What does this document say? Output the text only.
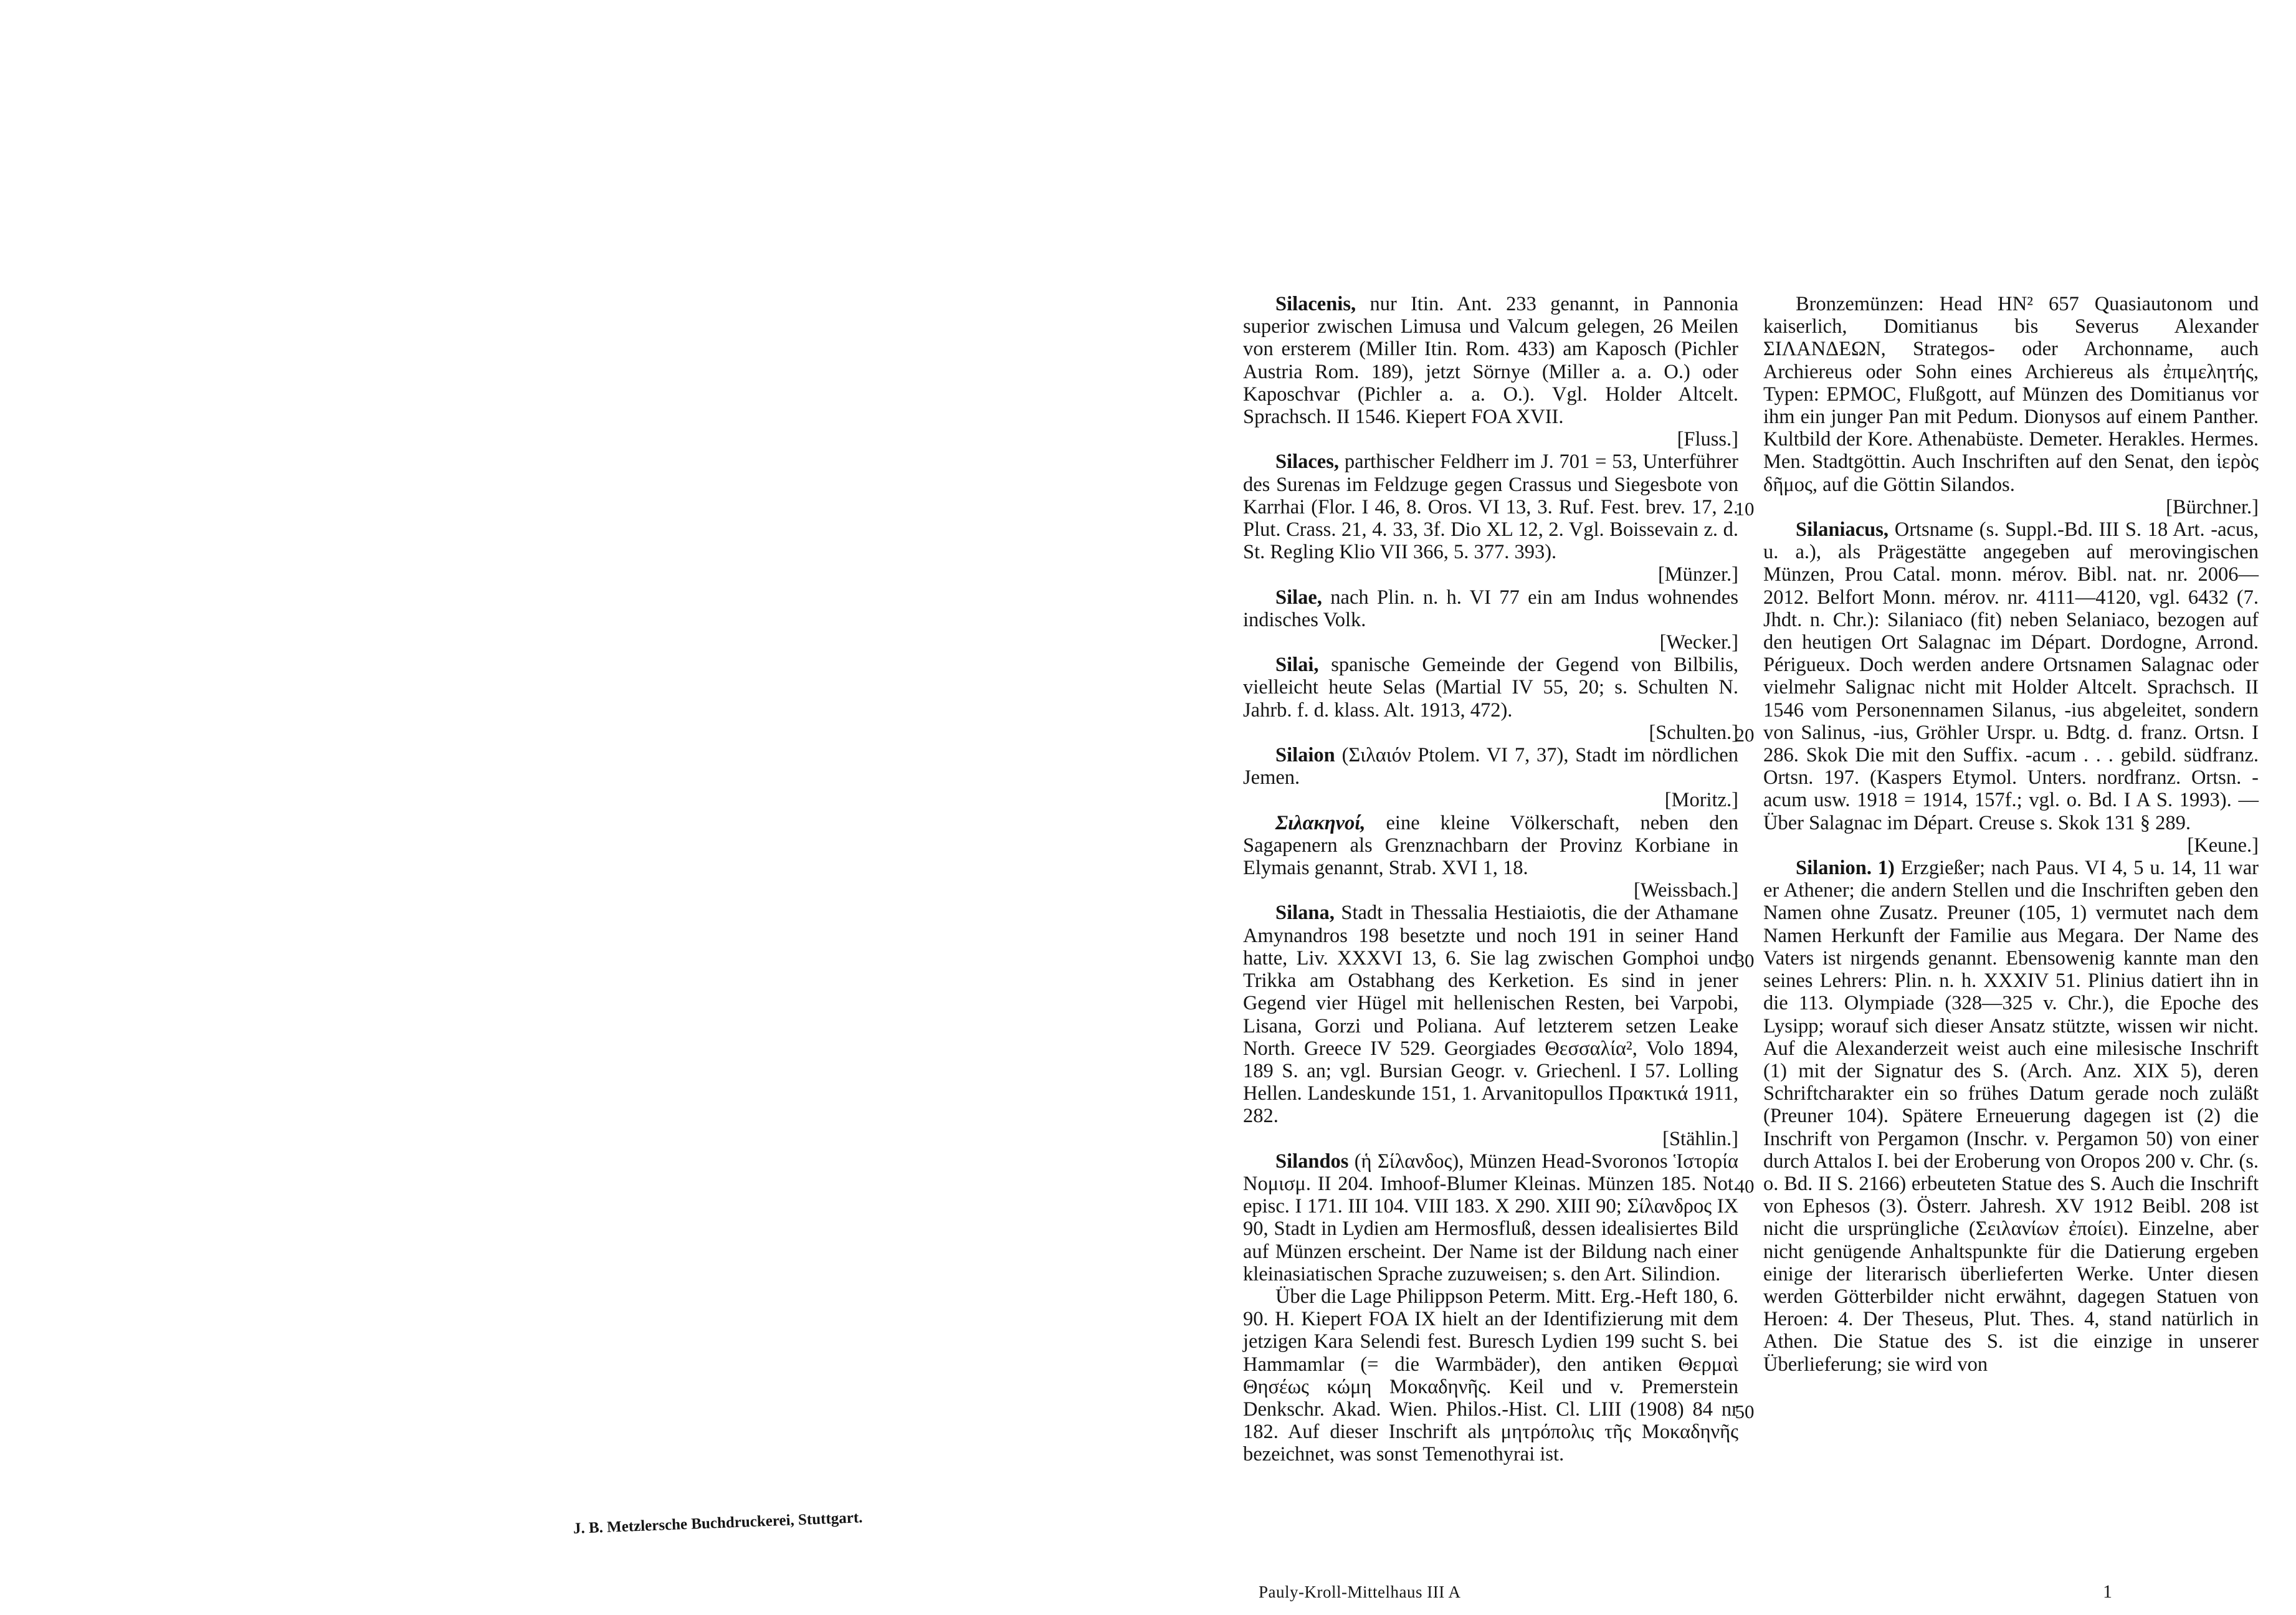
J. B. Metzlersche Buchdruckerei, Stuttgart.

Silacenis, nur Itin. Ant. 233 genannt, in Pannonia superior zwischen Limusa und Valcum gelegen, 26 Meilen von ersterem (Miller Itin. Rom. 433) am Kaposch (Pichler Austria Rom. 189), jetzt Sörnye (Miller a. a. O.) oder Kaposchvar (Pichler a. a. O.). Vgl. Holder Altcelt. Sprachsch. II 1546. Kiepert FOA XVII.
[Fluss.]

Silaces, parthischer Feldherr im J. 701 = 53, Unterführer des Surenas im Feldzuge gegen Crassus und Siegesbote von Karrhai (Flor. I 46, 8. Oros. VI 13, 3. Ruf. Fest. brev. 17, 2. Plut. Crass. 21, 4. 33, 3f. Dio XL 12, 2. Vgl. Boissevain z. d. St. Regling Klio VII 366, 5. 377. 393).
[Münzer.]

Silae, nach Plin. n. h. VI 77 ein am Indus wohnendes indisches Volk.
[Wecker.]

Silai, spanische Gemeinde der Gegend von Bilbilis, vielleicht heute Selas (Martial IV 55, 20; s. Schulten N. Jahrb. f. d. klass. Alt. 1913, 472).
[Schulten.]

Silaion (Σιλαιόν Ptolem. VI 7, 37), Stadt im nördlichen Jemen.
[Moritz.]

Σιλακηνοί, eine kleine Völkerschaft, neben den Sagapenern als Grenznachbarn der Provinz Korbiane in Elymais genannt, Strab. XVI 1, 18.
[Weissbach.]

Silana, Stadt in Thessalia Hestiaiotis, die der Athamane Amynandros 198 besetzte und noch 191 in seiner Hand hatte, Liv. XXXVI 13, 6. Sie lag zwischen Gomphoi und Trikka am Ostabhang des Kerketion. Es sind in jener Gegend vier Hügel mit hellenischen Resten, bei Varpobi, Lisana, Gorzi und Poliana. Auf letzterem setzen Leake North. Greece IV 529. Georgiades Θεσσαλία², Volo 1894, 189 S. an; vgl. Bursian Geogr. v. Griechenl. I 57. Lolling Hellen. Landeskunde 151, 1. Arvanitopullos Πρακτικά 1911, 282.
[Stählin.]

Silandos (ἡ Σίλανδος), Münzen Head-Svoronos Ἱστορία Νομισμ. II 204. Imhoof-Blumer Kleinas. Münzen 185. Not. episc. I 171. III 104. VIII 183. X 290. XIII 90; Σίλανδρος IX 90, Stadt in Lydien am Hermosfluß, dessen idealisiertes Bild auf Münzen erscheint. Der Name ist der Bildung nach einer kleinasiatischen Sprache zuzuweisen; s. den Art. Silindion.

Über die Lage Philippson Peterm. Mitt. Erg.-Heft 180, 6. 90. H. Kiepert FOA IX hielt an der Identifizierung mit dem jetzigen Kara Selendi fest. Buresch Lydien 199 sucht S. bei Hammamlar (= die Warmbäder), den antiken Θερμαὶ Θησέως κώμη Μοκαδηνῆς. Keil und v. Premerstein Denkschr. Akad. Wien. Philos.-Hist. Cl. LIII (1908) 84 nr 182. Auf dieser Inschrift als μητρόπολις τῆς Μοκαδηνῆς bezeichnet, was sonst Temenothyrai ist.

10
20
30
40
50

Bronzemünzen: Head HN² 657 Quasiautonom und kaiserlich, Domitianus bis Severus Alexander ΣΙΛΑΝΔΕΩΝ, Strategos- oder Archonname, auch Archiereus oder Sohn eines Archiereus als ἐπιμελητής, Typen: ΕΡΜΟC, Flußgott, auf Münzen des Domitianus vor ihm ein junger Pan mit Pedum. Dionysos auf einem Panther. Kultbild der Kore. Athenabüste. Demeter. Herakles. Hermes. Men. Stadtgöttin. Auch Inschriften auf den Senat, den ἱερὸς δῆμος, auf die Göttin Silandos.
[Bürchner.]

Silaniacus, Ortsname (s. Suppl.-Bd. III S. 18 Art. -acus, u. a.), als Prägestätte angegeben auf merovingischen Münzen, Prou Catal. monn. mérov. Bibl. nat. nr. 2006—2012. Belfort Monn. mérov. nr. 4111—4120, vgl. 6432 (7. Jhdt. n. Chr.): Silaniaco (fit) neben Selaniaco, bezogen auf den heutigen Ort Salagnac im Départ. Dordogne, Arrond. Périgueux. Doch werden andere Ortsnamen Salagnac oder vielmehr Salignac nicht mit Holder Altcelt. Sprachsch. II 1546 vom Personennamen Silanus, -ius abgeleitet, sondern von Salinus, -ius, Gröhler Urspr. u. Bdtg. d. franz. Ortsn. I 286. Skok Die mit den Suffix. -acum . . . gebild. südfranz. Ortsn. 197. (Kaspers Etymol. Unters. nordfranz. Ortsn. -acum usw. 1918 = 1914, 157f.; vgl. o. Bd. I A S. 1993). — Über Salagnac im Départ. Creuse s. Skok 131 § 289.
[Keune.]

Silanion. 1) Erzgießer; nach Paus. VI 4, 5 u. 14, 11 war er Athener; die andern Stellen und die Inschriften geben den Namen ohne Zusatz. Preuner (105, 1) vermutet nach dem Namen Herkunft der Familie aus Megara. Der Name des Vaters ist nirgends genannt. Ebensowenig kannte man den seines Lehrers: Plin. n. h. XXXIV 51. Plinius datiert ihn in die 113. Olympiade (328—325 v. Chr.), die Epoche des Lysipp; worauf sich dieser Ansatz stützte, wissen wir nicht. Auf die Alexanderzeit weist auch eine milesische Inschrift (1) mit der Signatur des S. (Arch. Anz. XIX 5), deren Schriftcharakter ein so frühes Datum gerade noch zuläßt (Preuner 104). Spätere Erneuerung dagegen ist (2) die Inschrift von Pergamon (Inschr. v. Pergamon 50) von einer durch Attalos I. bei der Eroberung von Oropos 200 v. Chr. (s. o. Bd. II S. 2166) erbeuteten Statue des S. Auch die Inschrift von Ephesos (3). Österr. Jahresh. XV 1912 Beibl. 208 ist nicht die ursprüngliche (Σειλανίων ἐποίει). Einzelne, aber nicht genügende Anhaltspunkte für die Datierung ergeben einige der literarisch überlieferten Werke. Unter diesen werden Götterbilder nicht erwähnt, dagegen Statuen von Heroen: 4. Der Theseus, Plut. Thes. 4, stand natürlich in Athen. Die Statue des S. ist die einzige in unserer Überlieferung; sie wird von

Pauly-Kroll-Mittelhaus III A	1
